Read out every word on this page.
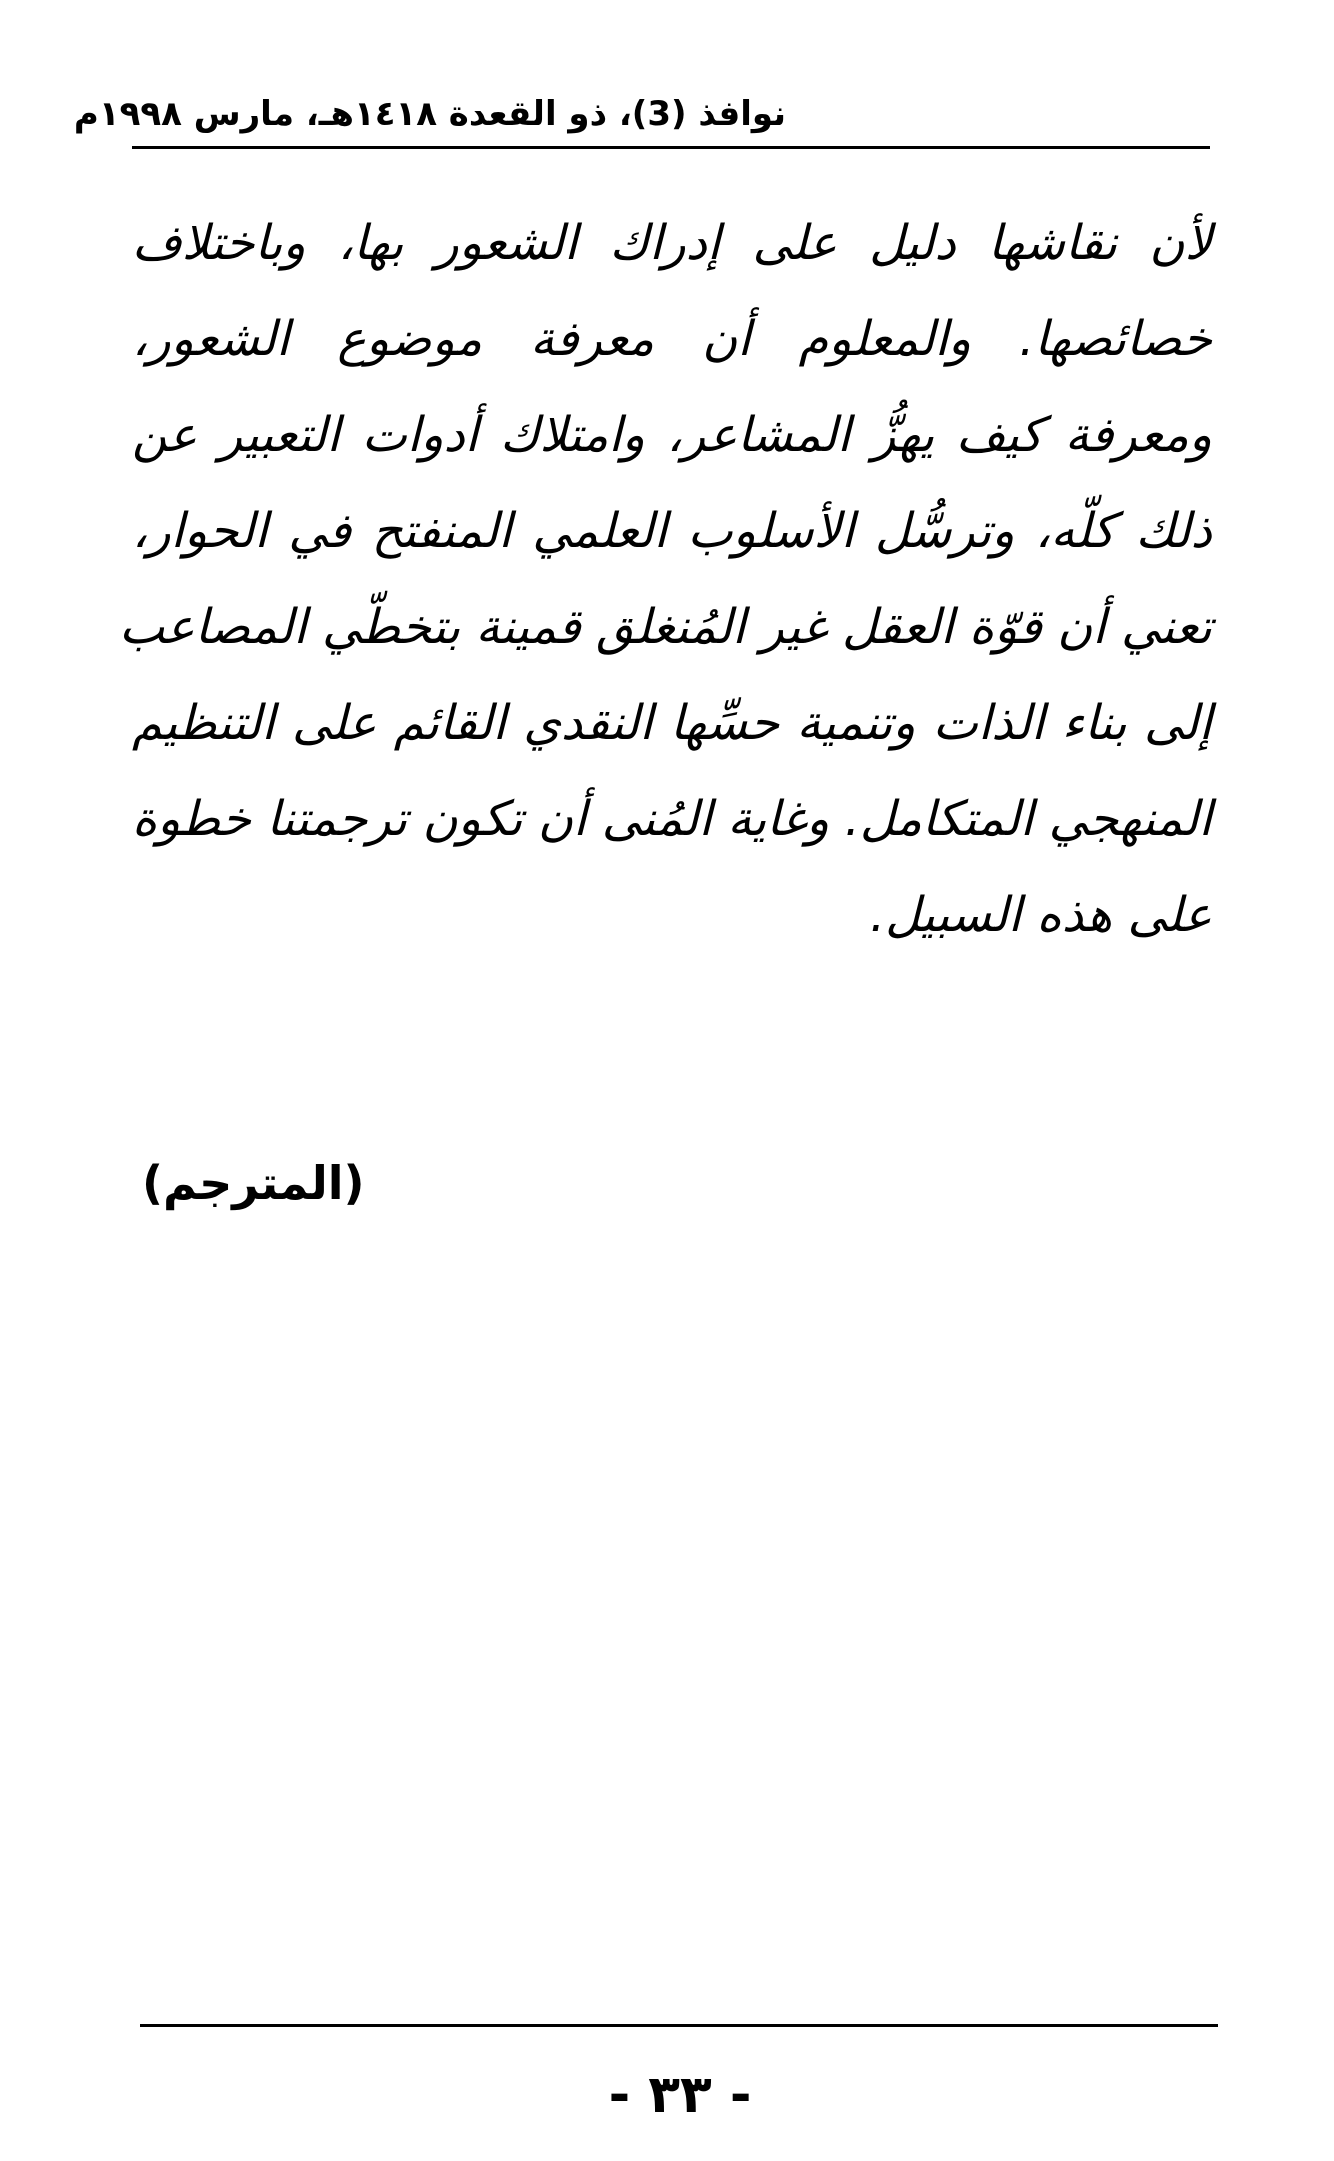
نوافذ (3)، ذو القعدة ١٤١٨هـ، مارس ١٩٩٨م
لأن نقاشها دليل على إدراك الشعور بها، وباختلاف
خصائصها. والمعلوم أن معرفة موضوع الشعور،
ومعرفة كيف يهزُّ المشاعر، وامتلاك أدوات التعبير عن
ذلك كلّه، وترسُّل الأسلوب العلمي المنفتح في الحوار،
تعني أن قوّة العقل غير المُنغلق قمينة بتخطّي المصاعب
إلى بناء الذات وتنمية حسِّها النقدي القائم على التنظيم
المنهجي المتكامل. وغاية المُنى أن تكون ترجمتنا خطوة
على هذه السبيل.
(المترجم)
- ٣٣ -
